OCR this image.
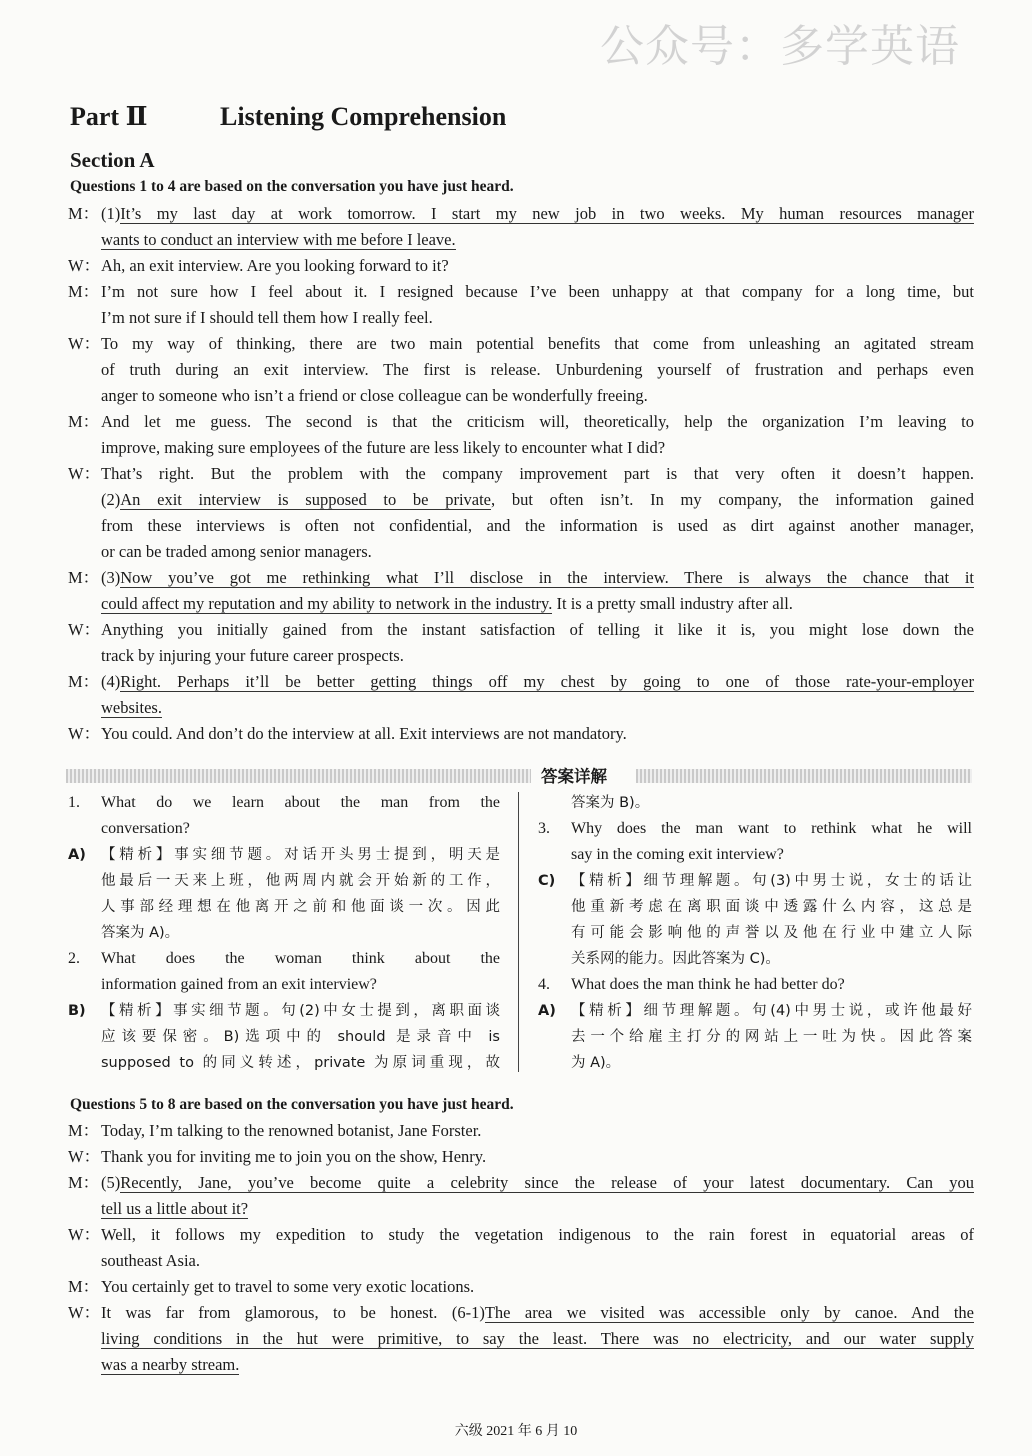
公众号：多学英语
Part Ⅱ	Listening Comprehension
Section A
Questions 1 to 4 are based on the conversation you have just heard.

M： (1)It’s my last day at work tomorrow. I start my new job in two weeks. My human resources manager

wants to conduct an interview with me before I leave.

W： Ah, an exit interview. Are you looking forward to it?

M： I’m not sure how I feel about it. I resigned because I’ve been unhappy at that company for a long time, but

I’m not sure if I should tell them how I really feel.

W： To my way of thinking, there are two main potential benefits that come from unleashing an agitated stream

of truth during an exit interview. The first is release. Unburdening yourself of frustration and perhaps even

anger to someone who isn’t a friend or close colleague can be wonderfully freeing.

M： And let me guess. The second is that the criticism will, theoretically, help the organization I’m leaving to

improve, making sure employees of the future are less likely to encounter what I did?

W： That’s right. But the problem with the company improvement part is that very often it doesn’t happen.

(2)An exit interview is supposed to be private, but often isn’t. In my company, the information gained

from these interviews is often not confidential, and the information is used as dirt against another manager,

or can be traded among senior managers.

M： (3)Now you’ve got me rethinking what I’ll disclose in the interview. There is always the chance that it

could affect my reputation and my ability to network in the industry. It is a pretty small industry after all.

W： Anything you initially gained from the instant satisfaction of telling it like it is, you might lose down the

track by injuring your future career prospects.

M： (4)Right. Perhaps it’ll be better getting things off my chest by going to one of those rate-your-employer

websites.

W： You could. And don’t do the interview at all. Exit interviews are not mandatory.

答案详解

1. What do we learn about the man from the

conversation?

A) 【精析】事实细节题。对话开头男士提到，明天是

他最后一天来上班，他两周内就会开始新的工作，

人事部经理想在他离开之前和他面谈一次。因此

答案为 A)。

2. What does the woman think about the

information gained from an exit interview?

B) 【精析】事实细节题。句(2)中女士提到，离职面谈

应该要保密。B)选项中的 should 是录音中 is

supposed to 的同义转述，private 为原词重现，故

答案为 B)。

3. Why does the man want to rethink what he will

say in the coming exit interview?

C) 【精析】细节理解题。句(3)中男士说，女士的话让

他重新考虑在离职面谈中透露什么内容，这总是

有可能会影响他的声誉以及他在行业中建立人际

关系网的能力。因此答案为 C)。

4. What does the man think he had better do?

A) 【精析】细节理解题。句(4)中男士说，或许他最好

去一个给雇主打分的网站上一吐为快。因此答案

为 A)。

Questions 5 to 8 are based on the conversation you have just heard.

M： Today, I’m talking to the renowned botanist, Jane Forster.

W： Thank you for inviting me to join you on the show, Henry.

M： (5)Recently, Jane, you’ve become quite a celebrity since the release of your latest documentary. Can you

tell us a little about it?

W： Well, it follows my expedition to study the vegetation indigenous to the rain forest in equatorial areas of

southeast Asia.

M： You certainly get to travel to some very exotic locations.

W： It was far from glamorous, to be honest. (6-1)The area we visited was accessible only by canoe. And the

living conditions in the hut were primitive, to say the least. There was no electricity, and our water supply

was a nearby stream.

六级 2021 年 6 月 10
